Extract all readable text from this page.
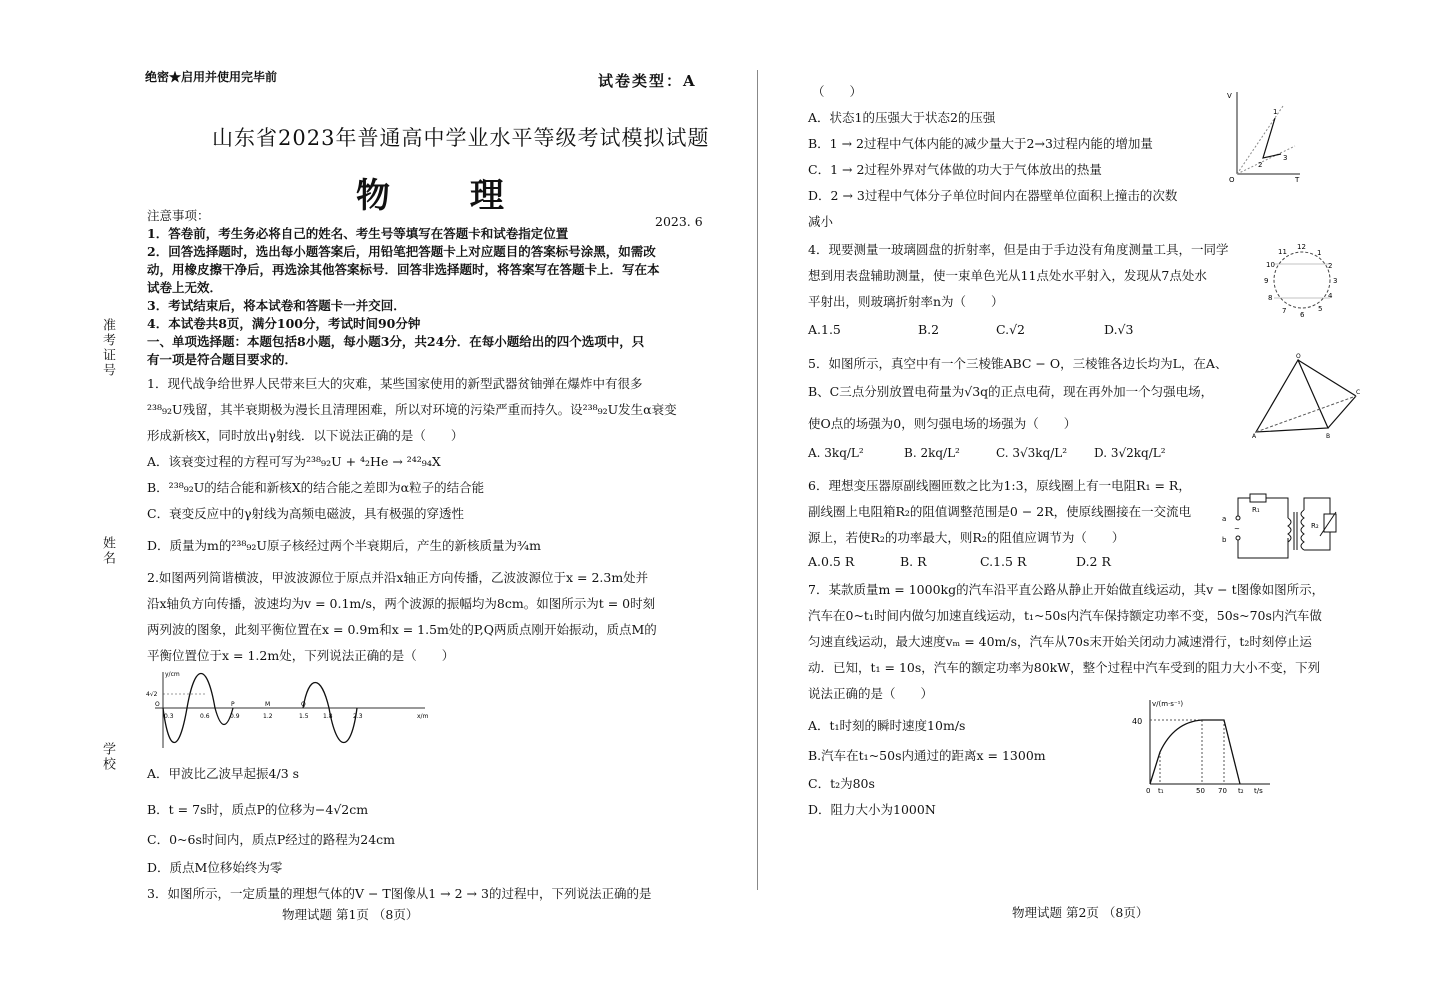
绝密★启用并使用完毕前	试卷类型：A
山东省2023年普通高中学业水平等级考试模拟试题
物 理
准考证号
姓名
学校
注意事项：	2023. 6
1．答卷前，考生务必将自己的姓名、考生号等填写在答题卡和试卷指定位置
2．回答选择题时，选出每小题答案后，用铅笔把答题卡上对应题目的答案标号涂黑，如需改
动，用橡皮擦干净后，再选涂其他答案标号．回答非选择题时，将答案写在答题卡上．写在本
试卷上无效．
3．考试结束后，将本试卷和答题卡一并交回．
4．本试卷共8页，满分100分，考试时间90分钟
一、单项选择题：本题包括8小题，每小题3分，共24分．在每小题给出的四个选项中，只
有一项是符合题目要求的．
1．现代战争给世界人民带来巨大的灾难，某些国家使用的新型武器贫铀弹在爆炸中有很多
²³⁸₉₂U残留，其半衰期极为漫长且清理困难，所以对环境的污染严重而持久。设²³⁸₉₂U发生α衰变
形成新核X，同时放出γ射线．以下说法正确的是（　　）
A．该衰变过程的方程可写为²³⁸₉₂U + ⁴₂He → ²⁴²₉₄X
B．²³⁸₉₂U的结合能和新核X的结合能之差即为α粒子的结合能
C．衰变反应中的γ射线为高频电磁波，具有极强的穿透性
D．质量为m的²³⁸₉₂U原子核经过两个半衰期后，产生的新核质量为¾m
2.如图两列简谐横波，甲波波源位于原点并沿x轴正方向传播，乙波波源位于x = 2.3m处并
沿x轴负方向传播，波速均为v = 0.1m/s，两个波源的振幅均为8cm。如图所示为t = 0时刻
两列波的图象，此刻平衡位置在x = 0.9m和x = 1.5m处的P,Q两质点刚开始振动，质点M的
平衡位置位于x = 1.2m处，下列说法正确的是（　　）
y/cm
x/m
4√2
0.3	0.6	0.9	1.2	1.5 1.8	2.3
O	P	M	Q
A．甲波比乙波早起振4/3 s
B．t = 7s时，质点P的位移为−4√2cm
C．0~6s时间内，质点P经过的路程为24cm
D．质点M位移始终为零
3．如图所示，一定质量的理想气体的V − T图像从1 → 2 → 3的过程中，下列说法正确的是
物理试题 第1页 （8页）
（　　）
A．状态1的压强大于状态2的压强
B．1 → 2过程中气体内能的减少量大于2→3过程内能的增加量
C．1 → 2过程外界对气体做的功大于气体放出的热量
D．2 → 3过程中气体分子单位时间内在器壁单位面积上撞击的次数
减小
V
T
O
1
2
3
4．现要测量一玻璃圆盘的折射率，但是由于手边没有角度测量工具，一同学
想到用表盘辅助测量，使一束单色光从11点处水平射入，发现从7点处水
平射出，则玻璃折射率n为（　　）
A.1.5	B.2	C.√2	D.√3
12
1
2
3
4
5
6
7
8
9
10
11
5．如图所示，真空中有一个三棱锥ABC − O，三棱锥各边长均为L，在A、
B、C三点分别放置电荷量为√3q的正点电荷，现在再外加一个匀强电场，
使O点的场强为0，则匀强电场的场强为（　　）
A. 3kq/L²	B. 2kq/L²	C. 3√3kq/L² D. 3√2kq/L²
O
A	B
C
6．理想变压器原副线圈匝数之比为1:3，原线圈上有一电阻R₁ = R，
副线圈上电阻箱R₂的阻值调整范围是0 − 2R，使原线圈接在一交流电
源上，若使R₂的功率最大，则R₂的阻值应调节为（　　）
A.0.5 R	B. R	C.1.5 R	D.2 R
R₁
R₂
a
b
~
7．某款质量m = 1000kg的汽车沿平直公路从静止开始做直线运动，其v − t图像如图所示，
汽车在0~t₁时间内做匀加速直线运动，t₁~50s内汽车保持额定功率不变，50s~70s内汽车做
匀速直线运动，最大速度vₘ = 40m/s，汽车从70s末开始关闭动力减速滑行，t₂时刻停止运
动．已知，t₁ = 10s，汽车的额定功率为80kW，整个过程中汽车受到的阻力大小不变，下列
说法正确的是（　　）
A．t₁时刻的瞬时速度10m/s
B.汽车在t₁~50s内通过的距离x = 1300m
C．t₂为80s
D．阻力大小为1000N
v/(m·s⁻¹)
t/s
40
0 t₁	50 70 t₂
物理试题 第2页 （8页）
